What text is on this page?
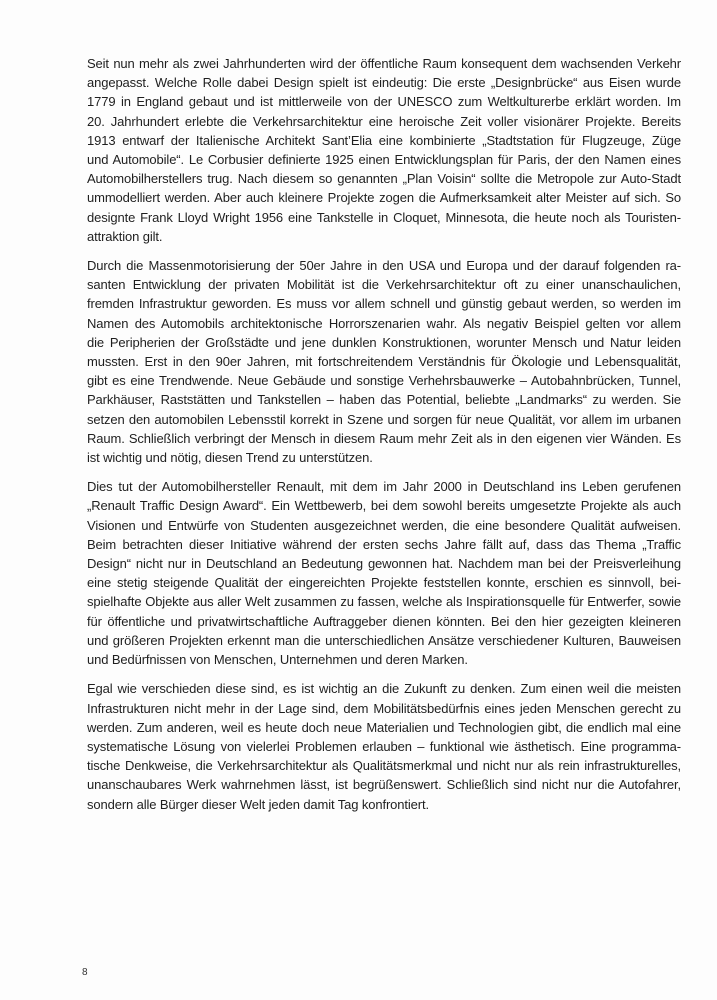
Seit nun mehr als zwei Jahrhunderten wird der öffentliche Raum konsequent dem wachsenden Verkehr
angepasst. Welche Rolle dabei Design spielt ist eindeutig: Die erste „Designbrücke“ aus Eisen wurde
1779 in England gebaut und ist mittlerweile von der UNESCO zum Weltkulturerbe erklärt worden. Im
20. Jahrhundert erlebte die Verkehrsarchitektur eine heroische Zeit voller visionärer Projekte. Bereits
1913 entwarf der Italienische Architekt Sant’Elia eine kombinierte „Stadtstation für Flugzeuge, Züge
und Automobile“. Le Corbusier definierte 1925 einen Entwicklungsplan für Paris, der den Namen eines
Automobilherstellers trug. Nach diesem so genannten „Plan Voisin“ sollte die Metropole zur Auto-Stadt
ummodelliert werden. Aber auch kleinere Projekte zogen die Aufmerksamkeit alter Meister auf sich. So
designte Frank Lloyd Wright 1956 eine Tankstelle in Cloquet, Minnesota, die heute noch als Touristen-
attraktion gilt.

Durch die Massenmotorisierung der 50er Jahre in den USA und Europa und der darauf folgenden ra-
santen Entwicklung der privaten Mobilität ist die Verkehrsarchitektur oft zu einer unanschaulichen,
fremden Infrastruktur geworden. Es muss vor allem schnell und günstig gebaut werden, so werden im
Namen des Automobils architektonische Horrorszenarien wahr. Als negativ Beispiel gelten vor allem
die Peripherien der Großstädte und jene dunklen Konstruktionen, worunter Mensch und Natur leiden
mussten. Erst in den 90er Jahren, mit fortschreitendem Verständnis für Ökologie und Lebensqualität,
gibt es eine Trendwende. Neue Gebäude und sonstige Verhehrsbauwerke – Autobahnbrücken, Tunnel,
Parkhäuser, Raststätten und Tankstellen – haben das Potential, beliebte „Landmarks“ zu werden. Sie
setzen den automobilen Lebensstil korrekt in Szene und sorgen für neue Qualität, vor allem im urbanen
Raum. Schließlich verbringt der Mensch in diesem Raum mehr Zeit als in den eigenen vier Wänden. Es
ist wichtig und nötig, diesen Trend zu unterstützen.

Dies tut der Automobilhersteller Renault, mit dem im Jahr 2000 in Deutschland ins Leben gerufenen
„Renault Traffic Design Award“. Ein Wettbewerb, bei dem sowohl bereits umgesetzte Projekte als auch
Visionen und Entwürfe von Studenten ausgezeichnet werden, die eine besondere Qualität aufweisen.
Beim betrachten dieser Initiative während der ersten sechs Jahre fällt auf, dass das Thema „Traffic
Design“ nicht nur in Deutschland an Bedeutung gewonnen hat. Nachdem man bei der Preisverleihung
eine stetig steigende Qualität der eingereichten Projekte feststellen konnte, erschien es sinnvoll, bei-
spielhafte Objekte aus aller Welt zusammen zu fassen, welche als Inspirationsquelle für Entwerfer, sowie
für öffentliche und privatwirtschaftliche Auftraggeber dienen könnten. Bei den hier gezeigten kleineren
und größeren Projekten erkennt man die unterschiedlichen Ansätze verschiedener Kulturen, Bauweisen
und Bedürfnissen von Menschen, Unternehmen und deren Marken.

Egal wie verschieden diese sind, es ist wichtig an die Zukunft zu denken. Zum einen weil die meisten
Infrastrukturen nicht mehr in der Lage sind, dem Mobilitätsbedürfnis eines jeden Menschen gerecht zu
werden. Zum anderen, weil es heute doch neue Materialien und Technologien gibt, die endlich mal eine
systematische Lösung von vielerlei Problemen erlauben – funktional wie ästhetisch. Eine programma-
tische Denkweise, die Verkehrsarchitektur als Qualitätsmerkmal und nicht nur als rein infrastrukturelles,
unanschaubares Werk wahrnehmen lässt, ist begrüßenswert. Schließlich sind nicht nur die Autofahrer,
sondern alle Bürger dieser Welt jeden damit Tag konfrontiert.

8
